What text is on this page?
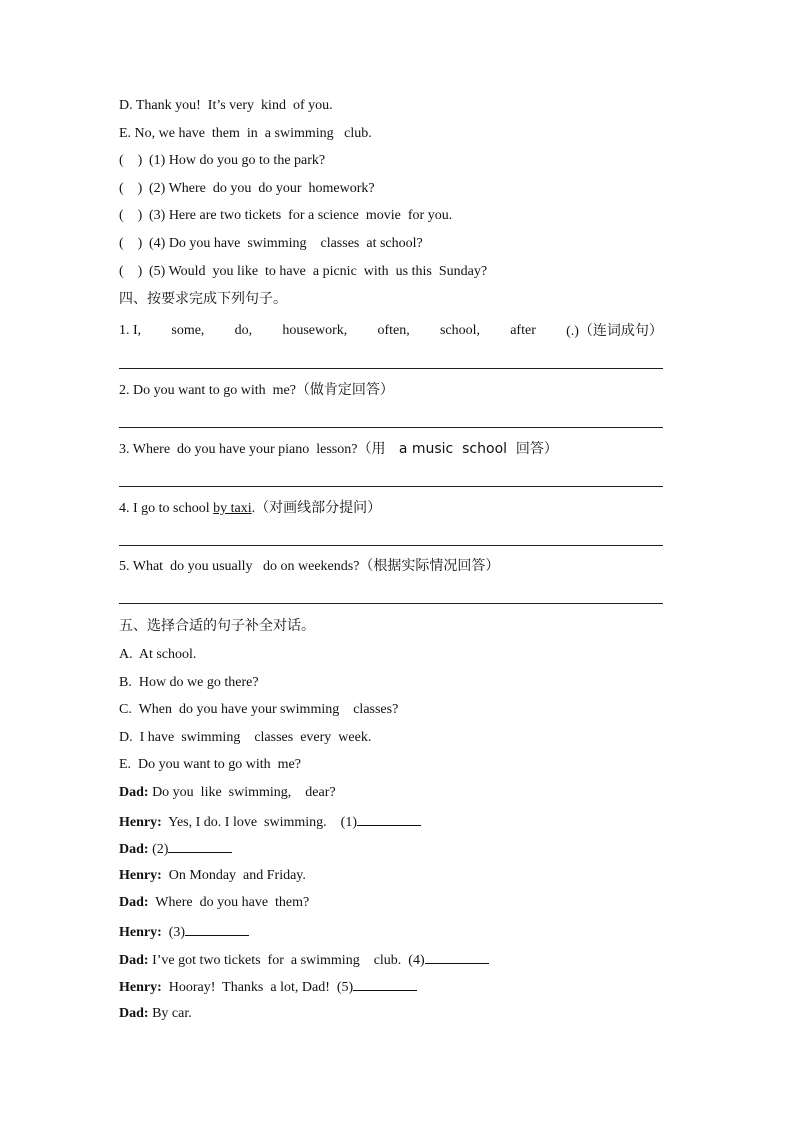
D. Thank you!  It’s very  kind  of you.
E. No, we have  them  in  a swimming   club.
(    ) (1) How do you go to the park?
(    ) (2) Where  do you  do your  homework?
(    ) (3) Here are two tickets  for a science  movie  for you.
(    ) (4) Do you have  swimming    classes  at school?
(    ) (5) Would  you like  to have  a picnic  with  us this  Sunday?
四、按要求完成下列句子。
1. I, some, do, housework, often, school, after (.)（连词成句）
2. Do you want to go with  me?（做肯定回答）
3. Where  do you have your piano  lesson?（用   a music  school  回答）
4. I go to school by taxi.（对画线部分提问）
5. What  do you usually   do on weekends?（根据实际情况回答）
五、选择合适的句子补全对话。
A.  At school.
B.  How do we go there?
C.  When  do you have your swimming    classes?
D.  I have  swimming    classes  every  week.
E.  Do you want to go with  me?
Dad: Do you  like  swimming,    dear?
Henry:  Yes, I do. I love  swimming.    (1)
Dad: (2)
Henry:  On Monday  and Friday.
Dad:  Where  do you have  them?
Henry:  (3)
Dad: I’ve got two tickets  for  a swimming    club.  (4)
Henry:  Hooray!  Thanks  a lot, Dad!  (5)
Dad: By car.
